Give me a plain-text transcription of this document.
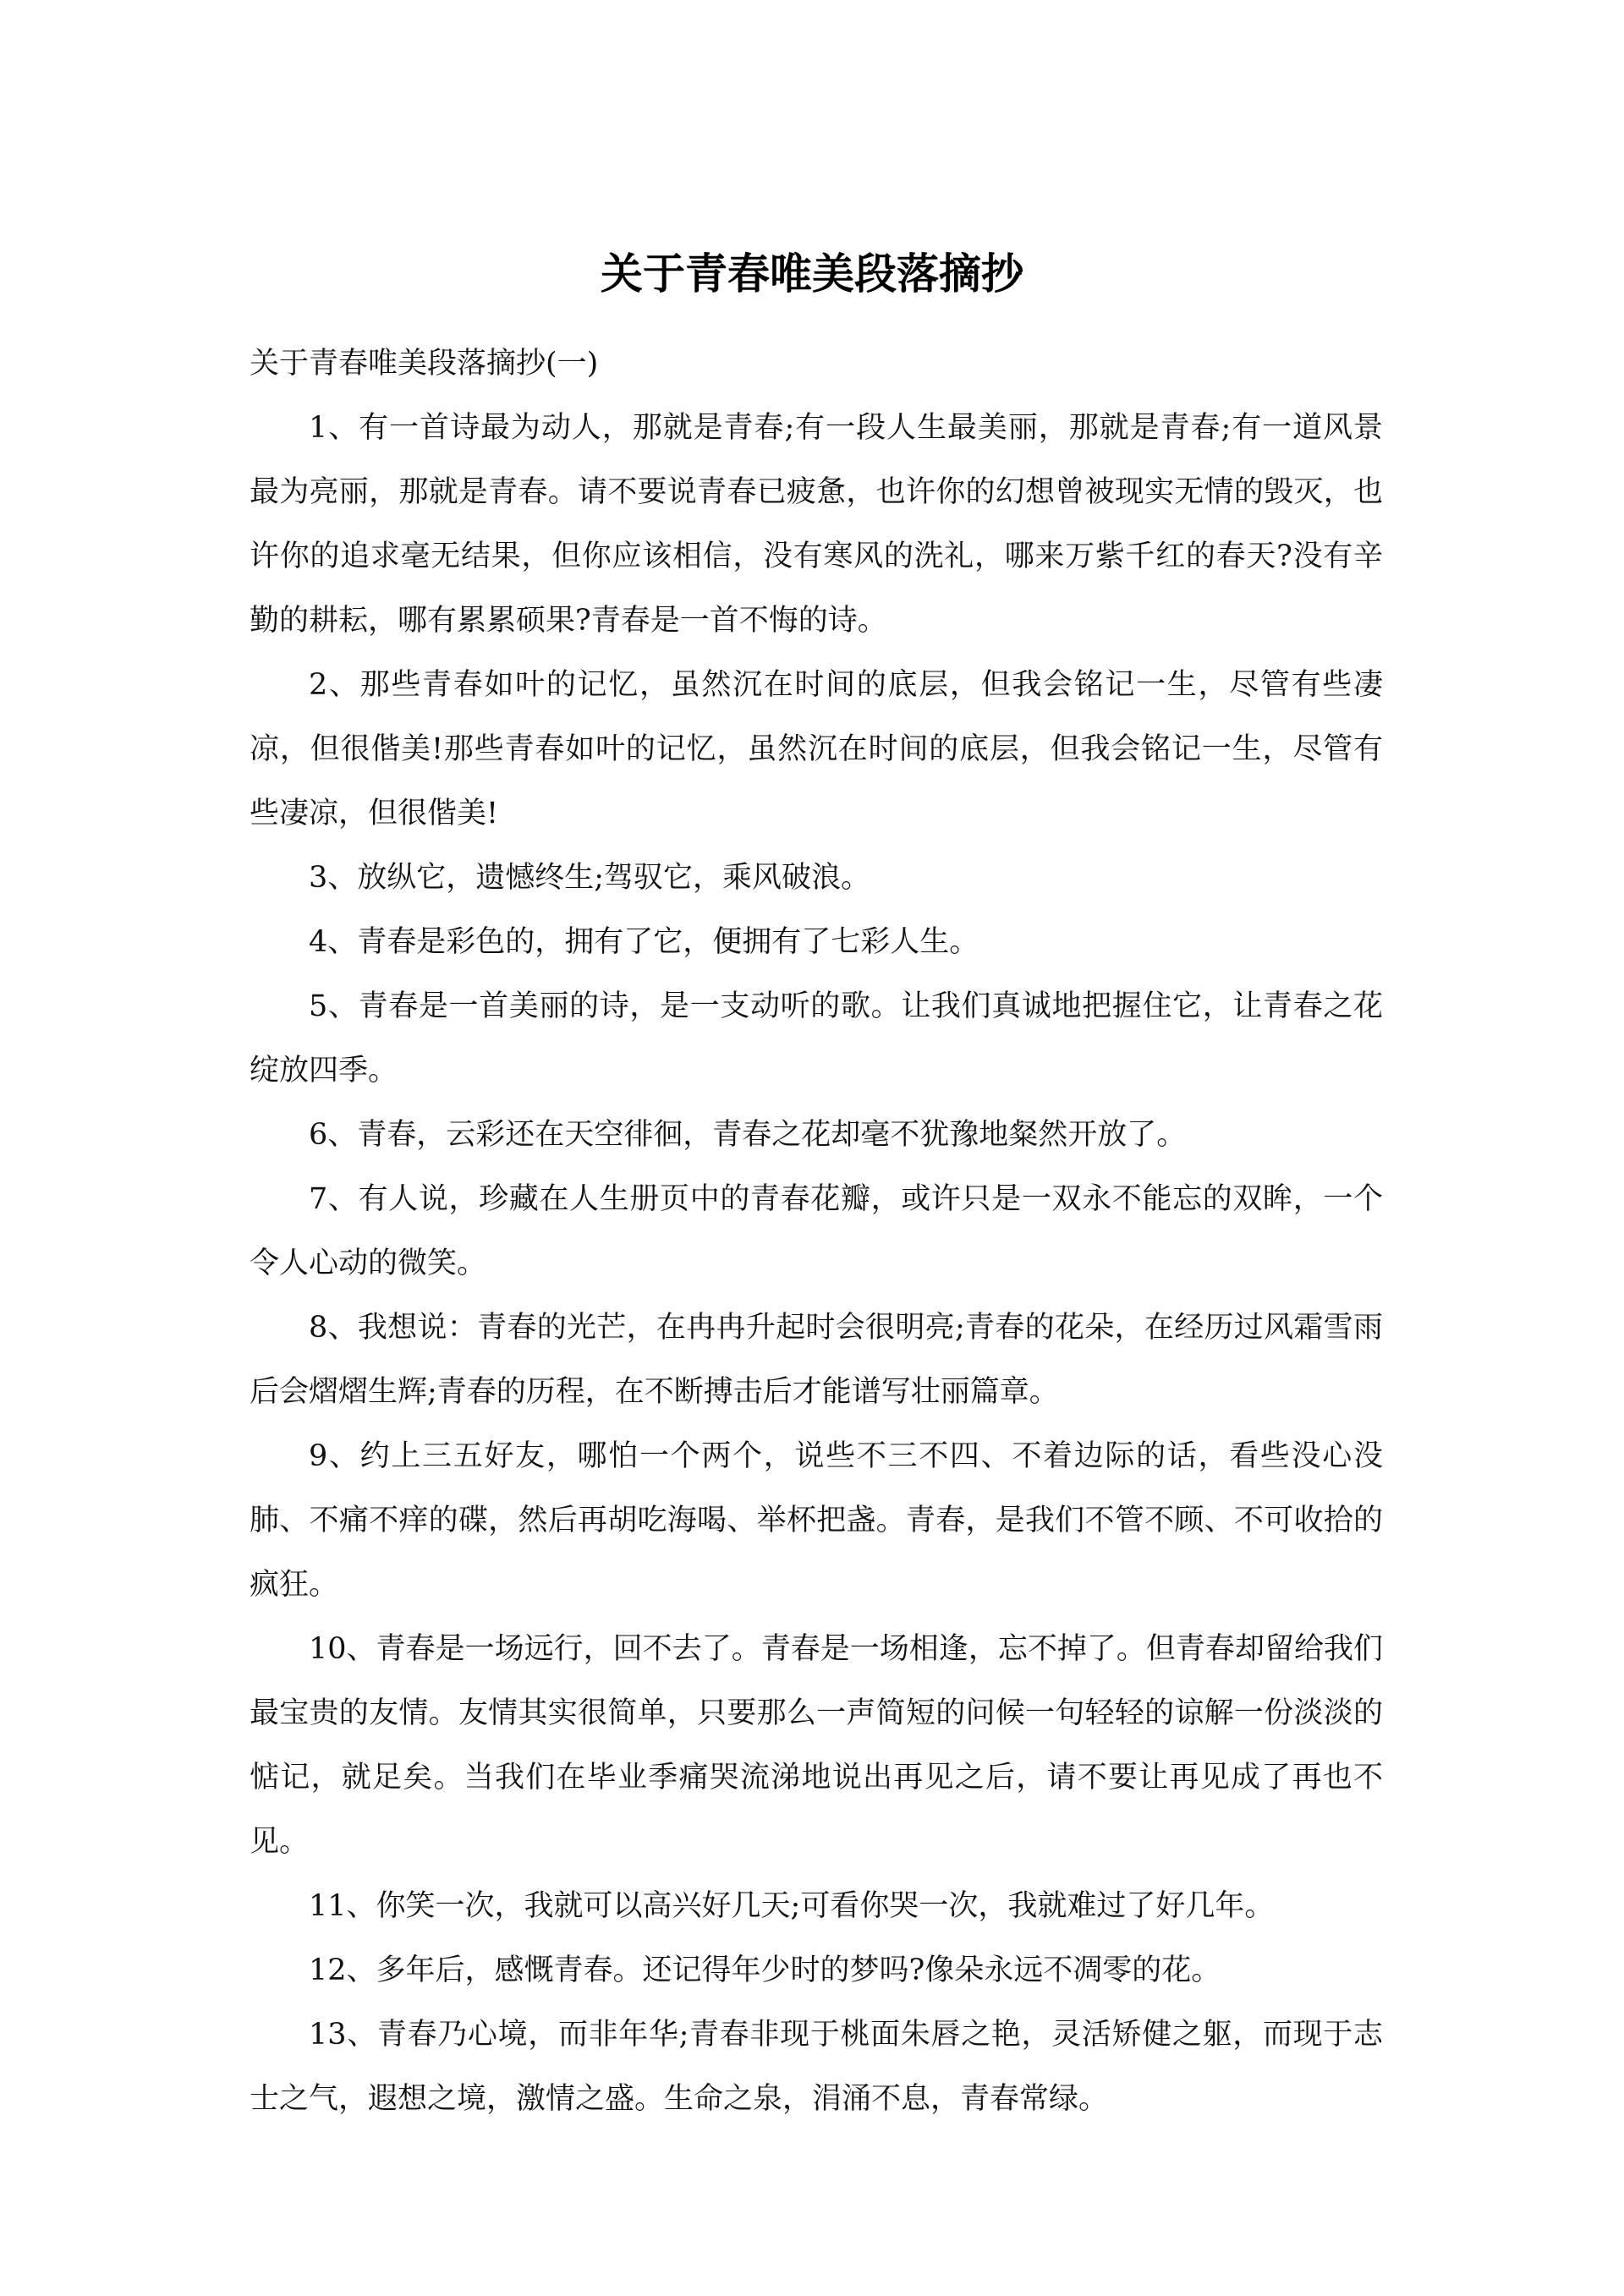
关于青春唯美段落摘抄

关于青春唯美段落摘抄(一)

1、有一首诗最为动人，那就是青春;有一段人生最美丽，那就是青春;有一道风景最为亮丽，那就是青春。请不要说青春已疲惫，也许你的幻想曾被现实无情的毁灭，也许你的追求毫无结果，但你应该相信，没有寒风的洗礼，哪来万紫千红的春天?没有辛勤的耕耘，哪有累累硕果?青春是一首不悔的诗。

2、那些青春如叶的记忆，虽然沉在时间的底层，但我会铭记一生，尽管有些凄凉，但很偕美!那些青春如叶的记忆，虽然沉在时间的底层，但我会铭记一生，尽管有些凄凉，但很偕美!

3、放纵它，遗憾终生;驾驭它，乘风破浪。

4、青春是彩色的，拥有了它，便拥有了七彩人生。

5、青春是一首美丽的诗，是一支动听的歌。让我们真诚地把握住它，让青春之花绽放四季。

6、青春，云彩还在天空徘徊，青春之花却毫不犹豫地粲然开放了。

7、有人说，珍藏在人生册页中的青春花瓣，或许只是一双永不能忘的双眸，一个令人心动的微笑。

8、我想说：青春的光芒，在冉冉升起时会很明亮;青春的花朵，在经历过风霜雪雨后会熠熠生辉;青春的历程，在不断搏击后才能谱写壮丽篇章。

9、约上三五好友，哪怕一个两个，说些不三不四、不着边际的话，看些没心没肺、不痛不痒的碟，然后再胡吃海喝、举杯把盏。青春，是我们不管不顾、不可收拾的疯狂。

10、青春是一场远行，回不去了。青春是一场相逢，忘不掉了。但青春却留给我们最宝贵的友情。友情其实很简单，只要那么一声简短的问候一句轻轻的谅解一份淡淡的惦记，就足矣。当我们在毕业季痛哭流涕地说出再见之后，请不要让再见成了再也不见。

11、你笑一次，我就可以高兴好几天;可看你哭一次，我就难过了好几年。

12、多年后，感慨青春。还记得年少时的梦吗?像朵永远不凋零的花。

13、青春乃心境，而非年华;青春非现于桃面朱唇之艳，灵活矫健之躯，而现于志士之气，遐想之境，激情之盛。生命之泉，涓涌不息，青春常绿。
